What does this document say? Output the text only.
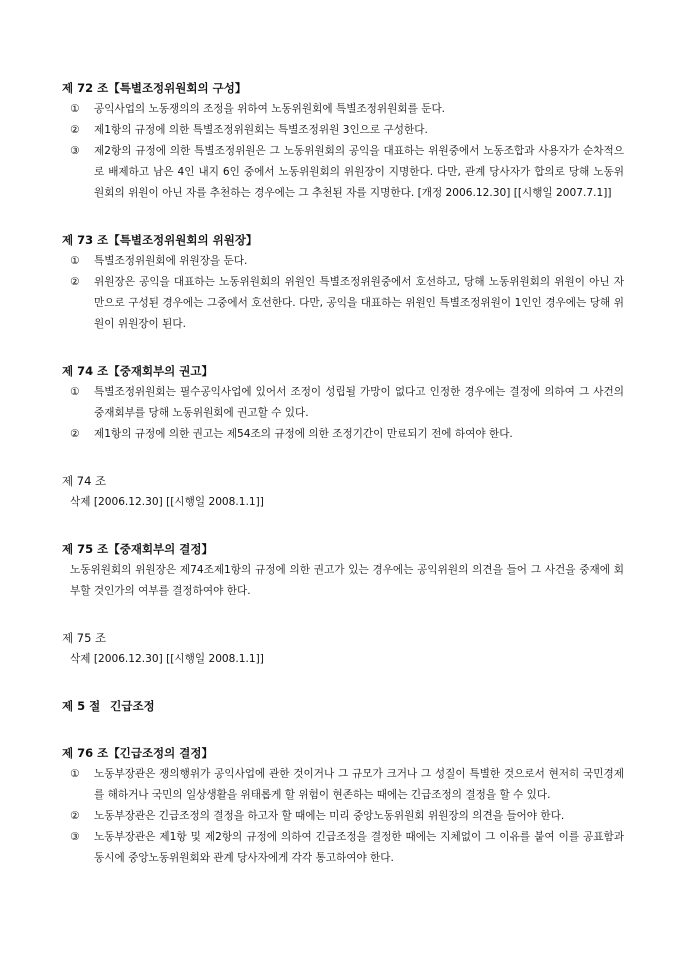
제 72 조【특별조정위원회의 구성】
① 공익사업의 노동쟁의의 조정을 위하여 노동위원회에 특별조정위원회를 둔다.
② 제1항의 규정에 의한 특별조정위원회는 특별조정위원 3인으로 구성한다.
③ 제2항의 규정에 의한 특별조정위원은 그 노동위원회의 공익을 대표하는 위원중에서 노동조합과 사용자가 순차적으로 배제하고 남은 4인 내지 6인 중에서 노동위원회의 위원장이 지명한다. 다만, 관계 당사자가 합의로 당해 노동위원회의 위원이 아닌 자를 추천하는 경우에는 그 추천된 자를 지명한다. [개정 2006.12.30] [[시행일 2007.7.1]]
제 73 조【특별조정위원회의 위원장】
① 특별조정위원회에 위원장을 둔다.
② 위원장은 공익을 대표하는 노동위원회의 위원인 특별조정위원중에서 호선하고, 당해 노동위원회의 위원이 아닌 자만으로 구성된 경우에는 그중에서 호선한다. 다만, 공익을 대표하는 위원인 특별조정위원이 1인인 경우에는 당해 위원이 위원장이 된다.
제 74 조【중재회부의 권고】
① 특별조정위원회는 필수공익사업에 있어서 조정이 성립될 가망이 없다고 인정한 경우에는 결정에 의하여 그 사건의 중재회부를 당해 노동위원회에 권고할 수 있다.
② 제1항의 규정에 의한 권고는 제54조의 규정에 의한 조정기간이 만료되기 전에 하여야 한다.
제 74 조
삭제 [2006.12.30] [[시행일 2008.1.1]]
제 75 조【중재회부의 결정】
노동위원회의 위원장은 제74조제1항의 규정에 의한 권고가 있는 경우에는 공익위원의 의견을 들어 그 사건을 중재에 회부할 것인가의 여부를 결정하여야 한다.
제 75 조
삭제 [2006.12.30] [[시행일 2008.1.1]]
제 5 절 긴급조정
제 76 조【긴급조정의 결정】
① 노동부장관은 쟁의행위가 공익사업에 관한 것이거나 그 규모가 크거나 그 성질이 특별한 것으로서 현저히 국민경제를 해하거나 국민의 일상생활을 위태롭게 할 위험이 현존하는 때에는 긴급조정의 결정을 할 수 있다.
② 노동부장관은 긴급조정의 결정을 하고자 할 때에는 미리 중앙노동위원회 위원장의 의견을 들어야 한다.
③ 노동부장관은 제1항 및 제2항의 규정에 의하여 긴급조정을 결정한 때에는 지체없이 그 이유를 붙여 이를 공표함과 동시에 중앙노동위원회와 관계 당사자에게 각각 통고하여야 한다.
